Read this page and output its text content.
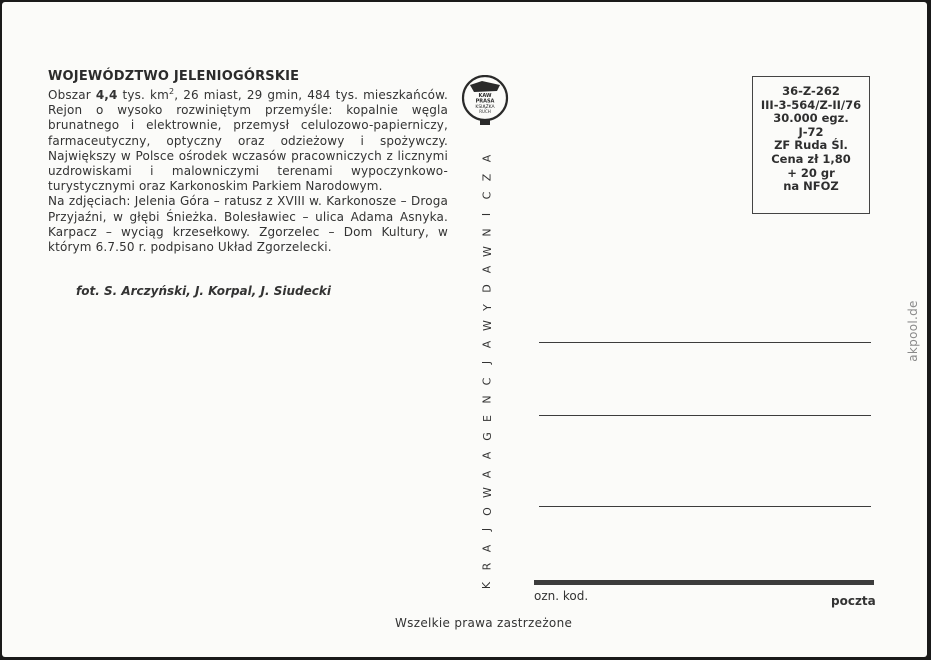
WOJEWÓDZTWO JELENIOGÓRSKIE

Obszar 4,4 tys. $km^2$, 26 miast, 29 gmin, 484 tys. mieszkańców. Rejon o wysoko rozwiniętym przemyśle: kopalnie węgla brunatnego i elektrownie, przemysł celulozowo-papierniczy, farmaceutyczny, optyczny oraz odzieżowy i spożywczy. Największy w Polsce ośrodek wczasów pracowniczych z licznymi uzdrowiskami i malowniczymi terenami wypoczynkowo-turystycznymi oraz Karkonoskim Parkiem Narodowym.

Na zdjęciach: Jelenia Góra – ratusz z XVIII w. Karkonosze – Droga Przyjaźni, w głębi Śnieżka. Bolesławiec – ulica Adama Asnyka. Karpacz – wyciąg krzesełkowy. Zgorzelec – Dom Kultury, w którym 6.7.50 r. podpisano Układ Zgorzelecki.

fot. S. Arczyński, J. Korpal, J. Siudecki
KAW
PRASA
KSIĄŻKA
RUCH
A
Z
C
I
N
W
A
D
Y
W
A
J
C
N
E
G
A
A
W
O
J
A
R
K
36-Z-262
III-3-564/Z-II/76
30.000 egz.
J-72
ZF Ruda Śl.
Cena zł 1,80
+ 20 gr
na NFOZ
ozn. kod.	poczta
Wszelkie prawa zastrzeżone
akpool.de
